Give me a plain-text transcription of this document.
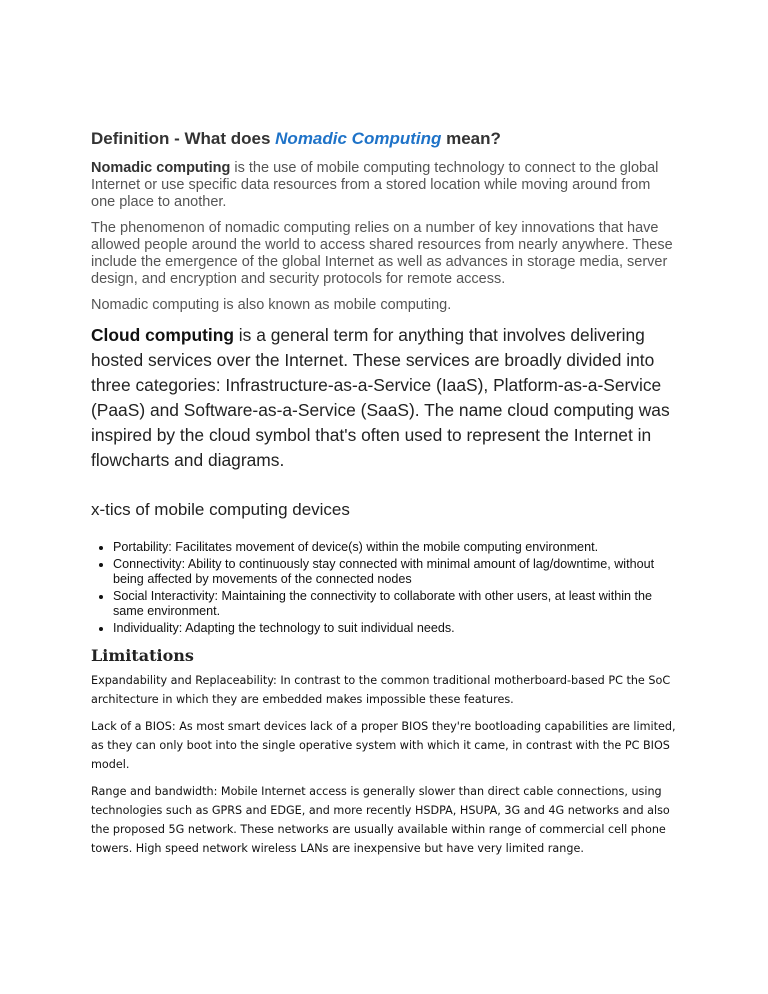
Definition - What does Nomadic Computing mean?

Nomadic computing is the use of mobile computing technology to connect to the global Internet or use specific data resources from a stored location while moving around from one place to another.

The phenomenon of nomadic computing relies on a number of key innovations that have allowed people around the world to access shared resources from nearly anywhere. These include the emergence of the global Internet as well as advances in storage media, server design, and encryption and security protocols for remote access.

Nomadic computing is also known as mobile computing.

Cloud computing is a general term for anything that involves delivering hosted services over the Internet. These services are broadly divided into three categories: Infrastructure-as-a-Service (IaaS), Platform-as-a-Service (PaaS) and Software-as-a-Service (SaaS). The name cloud computing was inspired by the cloud symbol that's often used to represent the Internet in flowcharts and diagrams.

x-tics of mobile computing devices
• Portability: Facilitates movement of device(s) within the mobile computing environment.
• Connectivity: Ability to continuously stay connected with minimal amount of lag/downtime, without being affected by movements of the connected nodes
• Social Interactivity: Maintaining the connectivity to collaborate with other users, at least within the same environment.
• Individuality: Adapting the technology to suit individual needs.
Limitations

Expandability and Replaceability: In contrast to the common traditional motherboard-based PC the SoC architecture in which they are embedded makes impossible these features.

Lack of a BIOS: As most smart devices lack of a proper BIOS they're bootloading capabilities are limited, as they can only boot into the single operative system with which it came, in contrast with the PC BIOS model.

Range and bandwidth: Mobile Internet access is generally slower than direct cable connections, using technologies such as GPRS and EDGE, and more recently HSDPA, HSUPA, 3G and 4G networks and also the proposed 5G network. These networks are usually available within range of commercial cell phone towers. High speed network wireless LANs are inexpensive but have very limited range.
